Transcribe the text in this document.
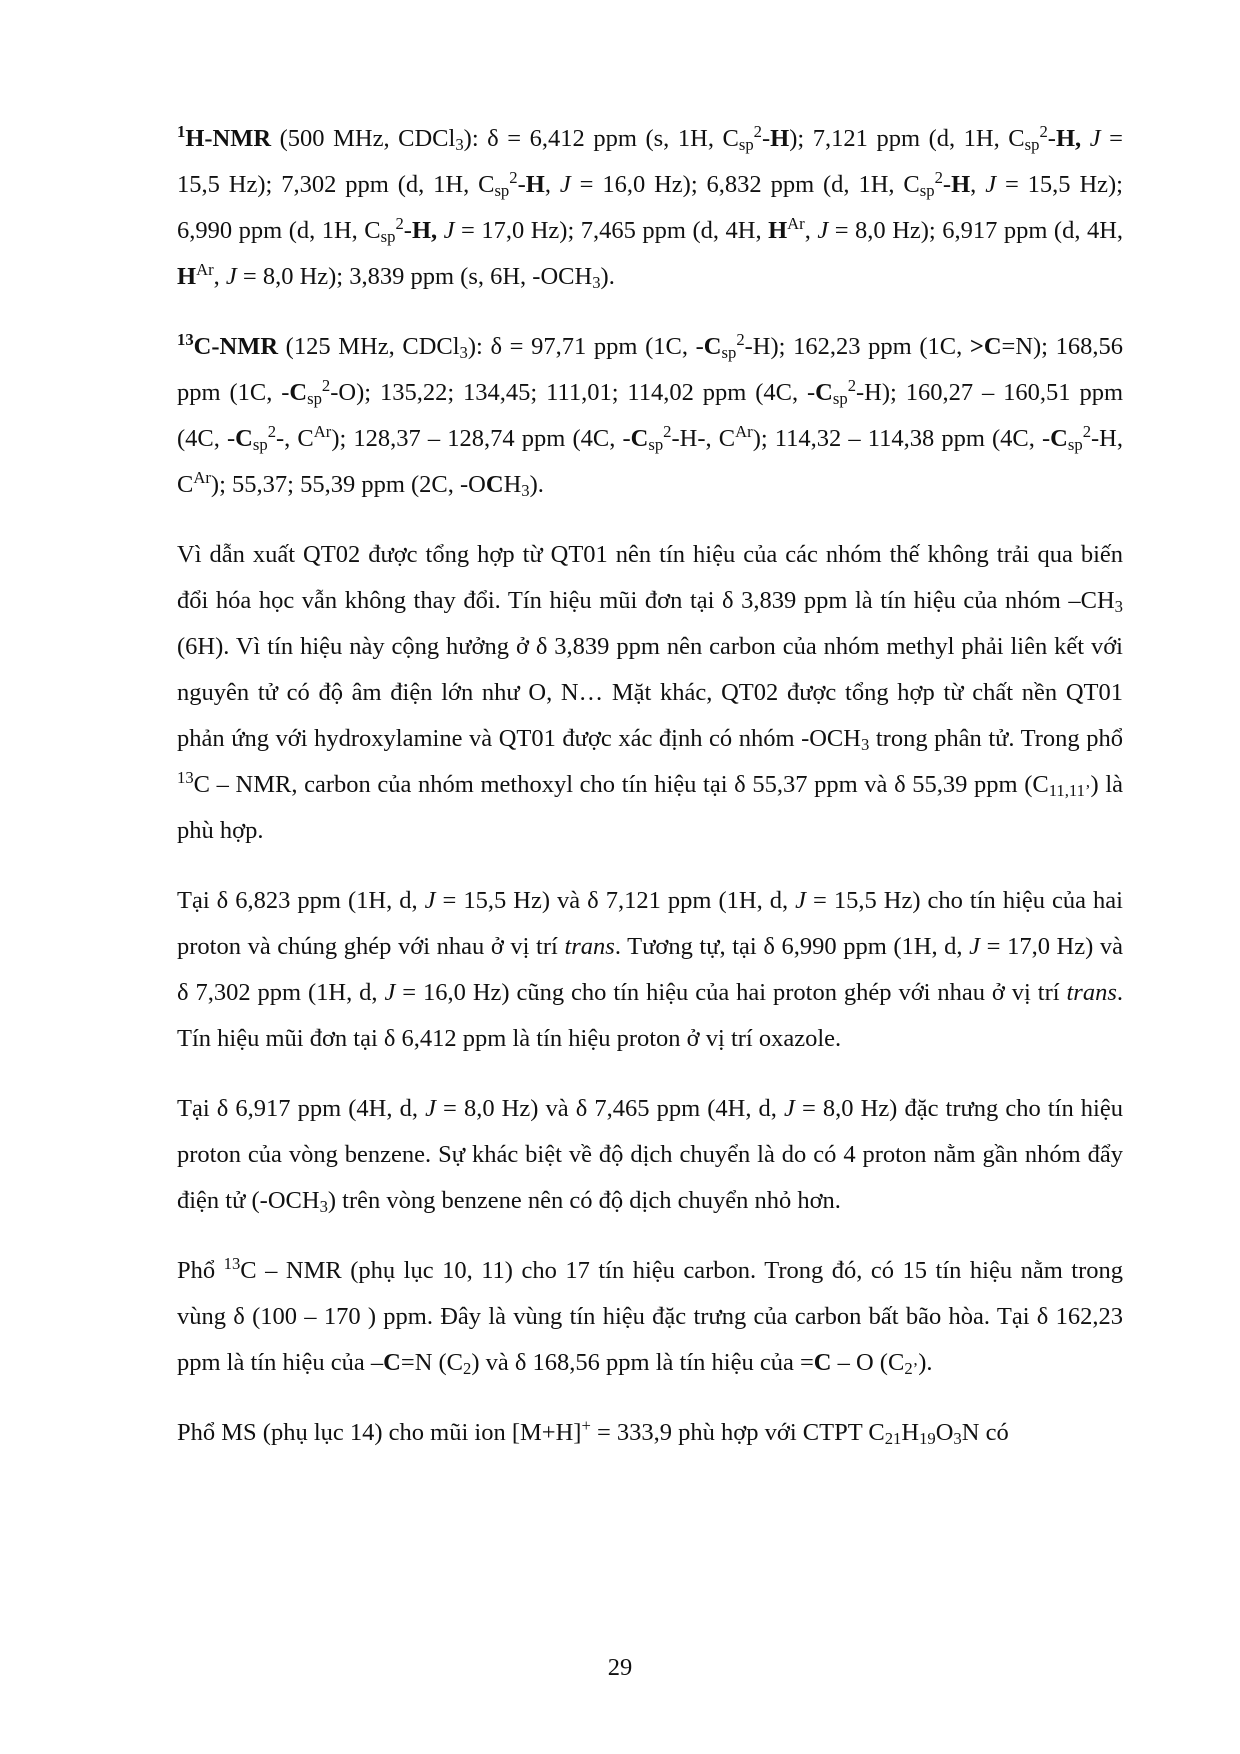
$^1$H-NMR (500 MHz, CDCl$_3$): δ = 6,412 ppm (s, 1H, $C_{sp}^2-H$); 7,121 ppm (d, 1H, $C_{sp}^2-H$, J = 15,5 Hz); 7,302 ppm (d, 1H, $C_{sp}^2-H$, J = 16,0 Hz); 6,832 ppm (d, 1H, $C_{sp}^2-H$, J = 15,5 Hz); 6,990 ppm (d, 1H, $C_{sp}^2-H$, J = 17,0 Hz); 7,465 ppm (d, 4H, $H^{Ar}$, J = 8,0 Hz); 6,917 ppm (d, 4H, $H^{Ar}$, J = 8,0 Hz); 3,839 ppm (s, 6H, $-OCH_3$).

$^{13}$C-NMR (125 MHz, CDCl$_3$): δ = 97,71 ppm (1C, $-C_{sp}^2-H$); 162,23 ppm (1C, >C=N); 168,56 ppm (1C, $-C_{sp}^2-O$); 135,22; 134,45; 111,01; 114,02 ppm (4C, $-C_{sp}^2-H$); 160,27 – 160,51 ppm (4C, $-C_{sp}^2-$, $C^{Ar}$); 128,37 – 128,74 ppm (4C, $-C_{sp}^2-H-$, $C^{Ar}$); 114,32 – 114,38 ppm (4C, $-C_{sp}^2-H$, $C^{Ar}$); 55,37; 55,39 ppm (2C, $-OCH_3$).

Vì dẫn xuất QT02 được tổng hợp từ QT01 nên tín hiệu của các nhóm thế không trải qua biến đổi hóa học vẫn không thay đổi. Tín hiệu mũi đơn tại δ 3,839 ppm là tín hiệu của nhóm $-CH_3$ (6H). Vì tín hiệu này cộng hưởng ở δ 3,839 ppm nên carbon của nhóm methyl phải liên kết với nguyên tử có độ âm điện lớn như O, N… Mặt khác, QT02 được tổng hợp từ chất nền QT01 phản ứng với hydroxylamine và QT01 được xác định có nhóm $-OCH_3$ trong phân tử. Trong phổ $^{13}$C – NMR, carbon của nhóm methoxyl cho tín hiệu tại δ 55,37 ppm và δ 55,39 ppm $(C_{11,11’})$ là phù hợp.

Tại δ 6,823 ppm (1H, d, J = 15,5 Hz) và δ 7,121 ppm (1H, d, J = 15,5 Hz) cho tín hiệu của hai proton và chúng ghép với nhau ở vị trí trans. Tương tự, tại δ 6,990 ppm (1H, d, J = 17,0 Hz) và δ 7,302 ppm (1H, d, J = 16,0 Hz) cũng cho tín hiệu của hai proton ghép với nhau ở vị trí trans. Tín hiệu mũi đơn tại δ 6,412 ppm là tín hiệu proton ở vị trí oxazole.

Tại δ 6,917 ppm (4H, d, J = 8,0 Hz) và δ 7,465 ppm (4H, d, J = 8,0 Hz) đặc trưng cho tín hiệu proton của vòng benzene. Sự khác biệt về độ dịch chuyển là do có 4 proton nằm gần nhóm đẩy điện tử $(-OCH_3)$ trên vòng benzene nên có độ dịch chuyển nhỏ hơn.

Phổ $^{13}$C – NMR (phụ lục 10, 11) cho 17 tín hiệu carbon. Trong đó, có 15 tín hiệu nằm trong vùng δ (100 – 170 ) ppm. Đây là vùng tín hiệu đặc trưng của carbon bất bão hòa. Tại δ 162,23 ppm là tín hiệu của –C=N $(C_2)$ và δ 168,56 ppm là tín hiệu của =C – O $(C_{2’})$.

Phổ MS (phụ lục 14) cho mũi ion [M+H]+ = 333,9 phù hợp với CTPT $C_{21}H_{19}O_3N$ có

29
